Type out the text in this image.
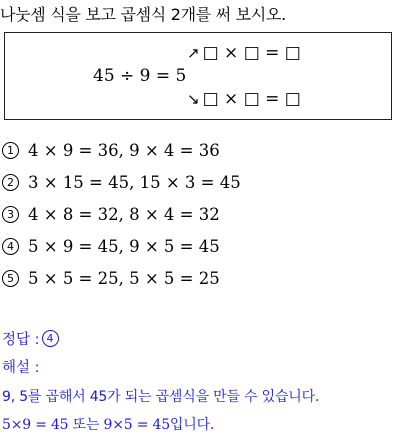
나눗셈 식을 보고 곱셈식 2개를 써 보시오.
45 ÷ 9 = 5
↗ □ × □ = □
↘ □ × □ = □
1 4 × 9 = 36, 9 × 4 = 36
2 3 × 15 = 45, 15 × 3 = 45
3 4 × 8 = 32, 8 × 4 = 32
4 5 × 9 = 45, 9 × 5 = 45
5 5 × 5 = 25, 5 × 5 = 25
정답 : 4
해설 :
9, 5를 곱해서 45가 되는 곱셈식을 만들 수 있습니다.
5×9 = 45 또는 9×5 = 45입니다.
